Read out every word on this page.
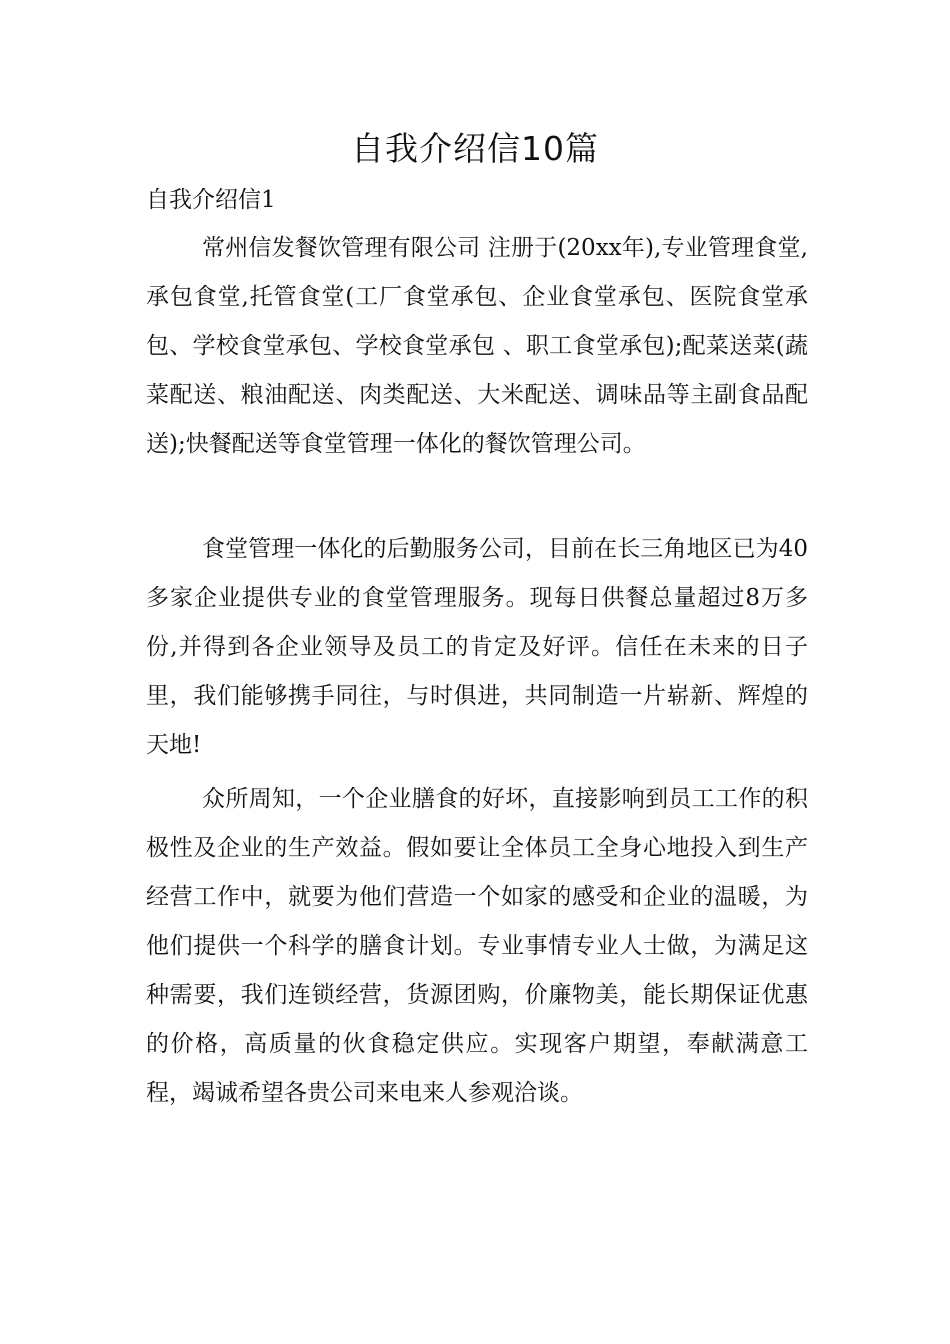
自我介绍信10篇

自我介绍信1

常州信发餐饮管理有限公司 注册于(20xx年),专业管理食堂,承包食堂,托管食堂(工厂食堂承包、企业食堂承包、医院食堂承包、学校食堂承包、学校食堂承包 、职工食堂承包);配菜送菜(蔬菜配送、粮油配送、肉类配送、大米配送、调味品等主副食品配送);快餐配送等食堂管理一体化的餐饮管理公司。

食堂管理一体化的后勤服务公司，目前在长三角地区已为40多家企业提供专业的食堂管理服务。现每日供餐总量超过8万多份,并得到各企业领导及员工的肯定及好评。信任在未来的日子里，我们能够携手同往，与时俱进，共同制造一片崭新、辉煌的天地!

众所周知，一个企业膳食的好坏，直接影响到员工工作的积极性及企业的生产效益。假如要让全体员工全身心地投入到生产经营工作中，就要为他们营造一个如家的感受和企业的温暖，为他们提供一个科学的膳食计划。专业事情专业人士做，为满足这种需要，我们连锁经营，货源团购，价廉物美，能长期保证优惠的价格，高质量的伙食稳定供应。实现客户期望，奉献满意工程，竭诚希望各贵公司来电来人参观洽谈。
